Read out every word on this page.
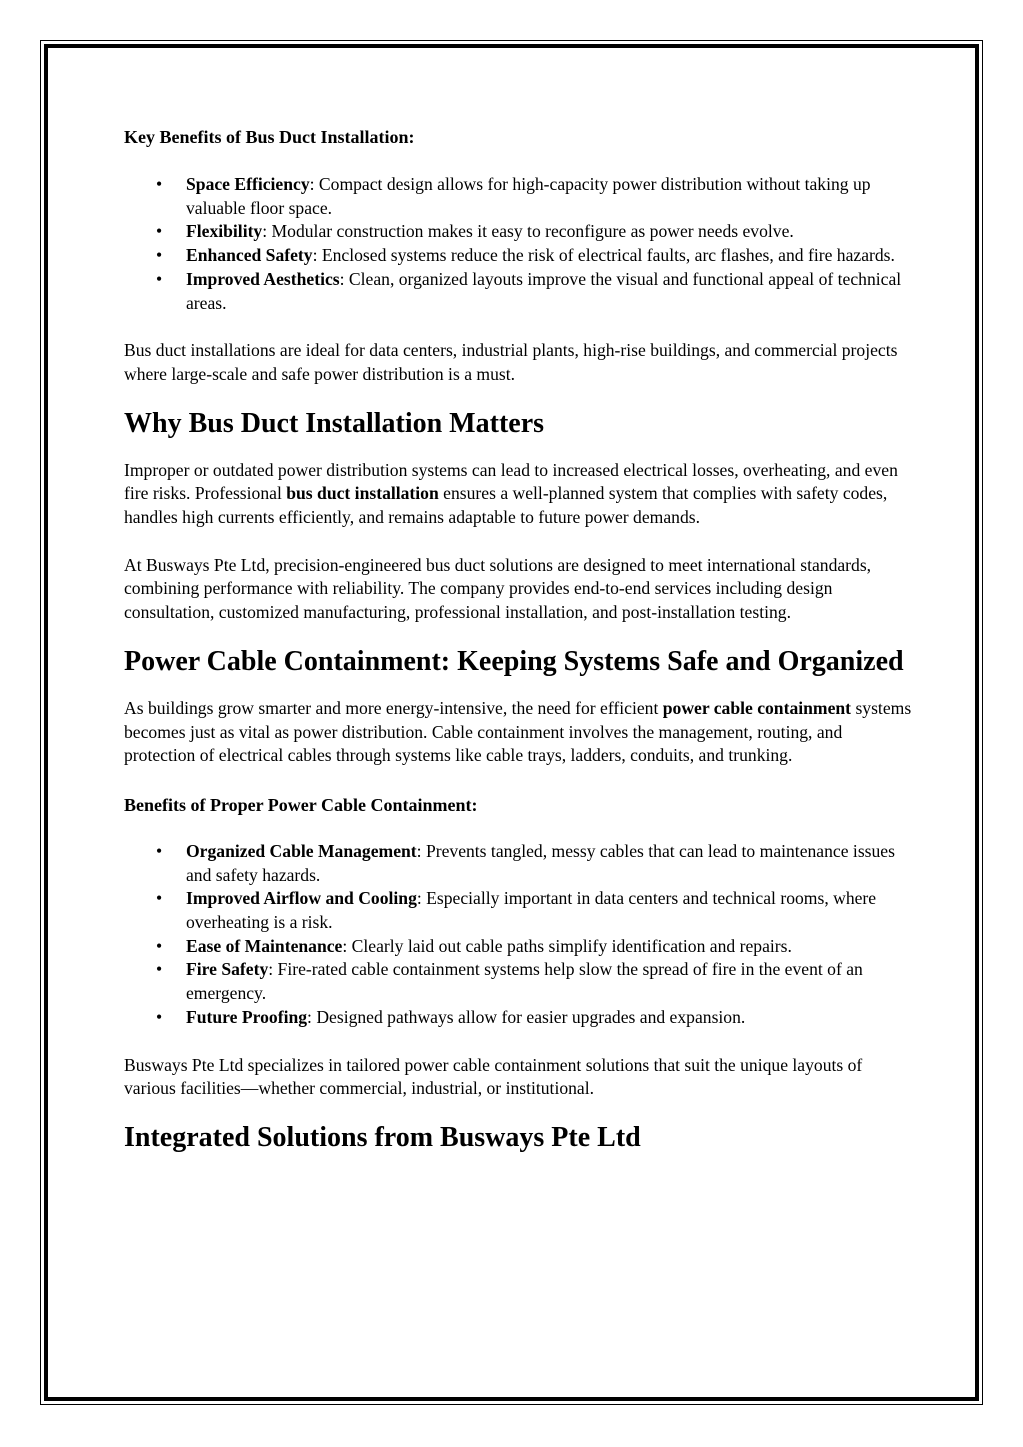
Key Benefits of Bus Duct Installation:
• Space Efficiency: Compact design allows for high-capacity power distribution without taking up valuable floor space.
• Flexibility: Modular construction makes it easy to reconfigure as power needs evolve.
• Enhanced Safety: Enclosed systems reduce the risk of electrical faults, arc flashes, and fire hazards.
• Improved Aesthetics: Clean, organized layouts improve the visual and functional appeal of technical areas.

Bus duct installations are ideal for data centers, industrial plants, high-rise buildings, and commercial projects where large-scale and safe power distribution is a must.

Why Bus Duct Installation Matters

Improper or outdated power distribution systems can lead to increased electrical losses, overheating, and even fire risks. Professional bus duct installation ensures a well-planned system that complies with safety codes, handles high currents efficiently, and remains adaptable to future power demands.

At Busways Pte Ltd, precision-engineered bus duct solutions are designed to meet international standards, combining performance with reliability. The company provides end-to-end services including design consultation, customized manufacturing, professional installation, and post-installation testing.

Power Cable Containment: Keeping Systems Safe and Organized

As buildings grow smarter and more energy-intensive, the need for efficient power cable containment systems becomes just as vital as power distribution. Cable containment involves the management, routing, and protection of electrical cables through systems like cable trays, ladders, conduits, and trunking.

Benefits of Proper Power Cable Containment:
• Organized Cable Management: Prevents tangled, messy cables that can lead to maintenance issues and safety hazards.
• Improved Airflow and Cooling: Especially important in data centers and technical rooms, where overheating is a risk.
• Ease of Maintenance: Clearly laid out cable paths simplify identification and repairs.
• Fire Safety: Fire-rated cable containment systems help slow the spread of fire in the event of an emergency.
• Future Proofing: Designed pathways allow for easier upgrades and expansion.

Busways Pte Ltd specializes in tailored power cable containment solutions that suit the unique layouts of various facilities—whether commercial, industrial, or institutional.

Integrated Solutions from Busways Pte Ltd
